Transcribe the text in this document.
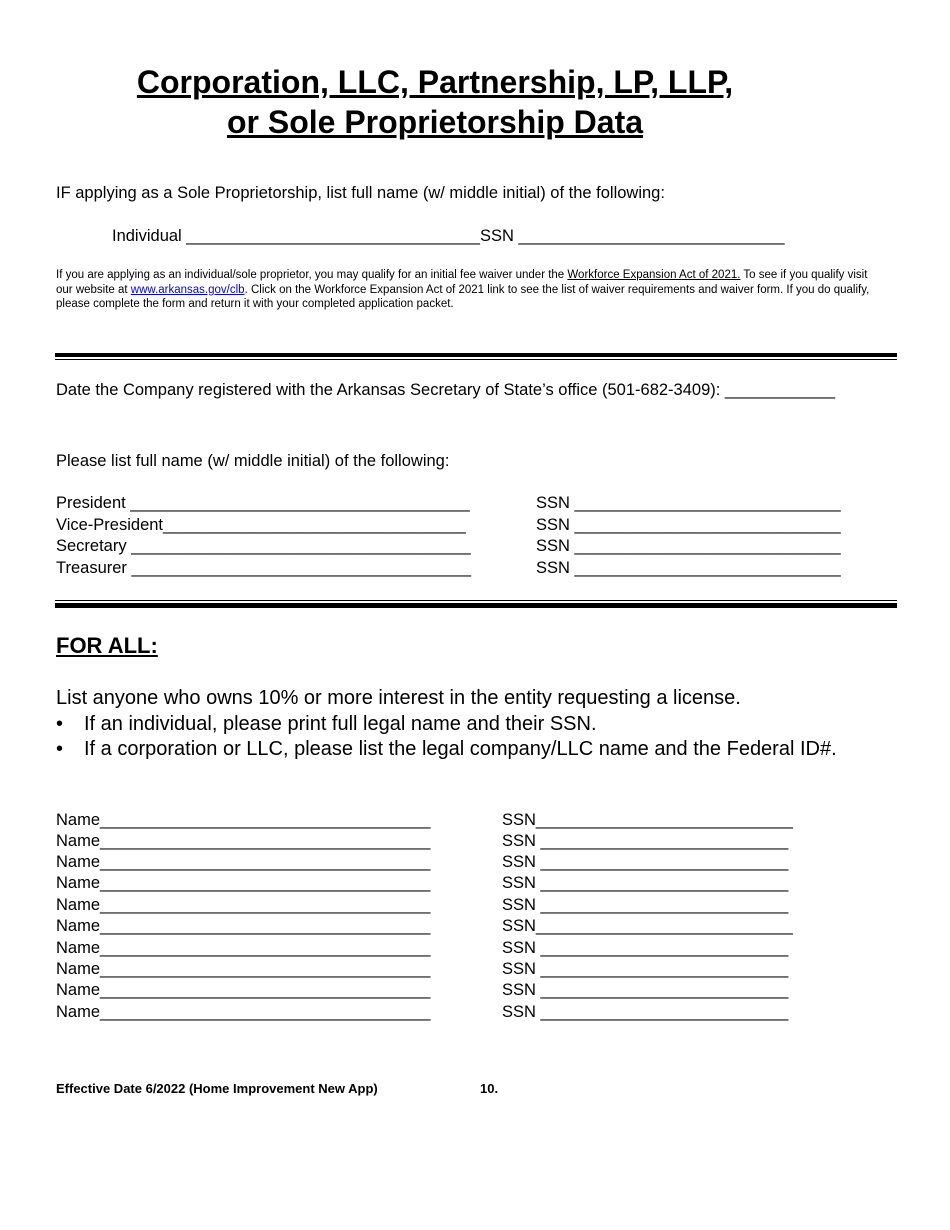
Corporation, LLC, Partnership, LP, LLP,
or Sole Proprietorship Data
IF applying as a Sole Proprietorship, list full name (w/ middle initial) of the following:
Individual ________________________________SSN _____________________________
If you are applying as an individual/sole proprietor, you may qualify for an initial fee waiver under the Workforce Expansion Act of 2021. To see if you qualify visit our website at www.arkansas.gov/clb. Click on the Workforce Expansion Act of 2021 link to see the list of waiver requirements and waiver form. If you do qualify, please complete the form and return it with your completed application packet.
Date the Company registered with the Arkansas Secretary of State’s office (501-682-3409): ____________
Please list full name (w/ middle initial) of the following:
President _____________________________________	SSN _____________________________
Vice-President_________________________________	SSN _____________________________
Secretary _____________________________________	SSN _____________________________
Treasurer _____________________________________	SSN _____________________________
FOR ALL:
List anyone who owns 10% or more interest in the entity requesting a license.
• If an individual, please print full legal name and their SSN.
• If a corporation or LLC, please list the legal company/LLC name and the Federal ID#.
Name____________________________________	SSN____________________________
Name____________________________________	SSN ___________________________
Name____________________________________	SSN ___________________________
Name____________________________________	SSN ___________________________
Name____________________________________	SSN ___________________________
Name____________________________________	SSN____________________________
Name____________________________________	SSN ___________________________
Name____________________________________	SSN ___________________________
Name____________________________________	SSN ___________________________
Name____________________________________	SSN ___________________________
Effective Date 6/2022 (Home Improvement New App)	10.
